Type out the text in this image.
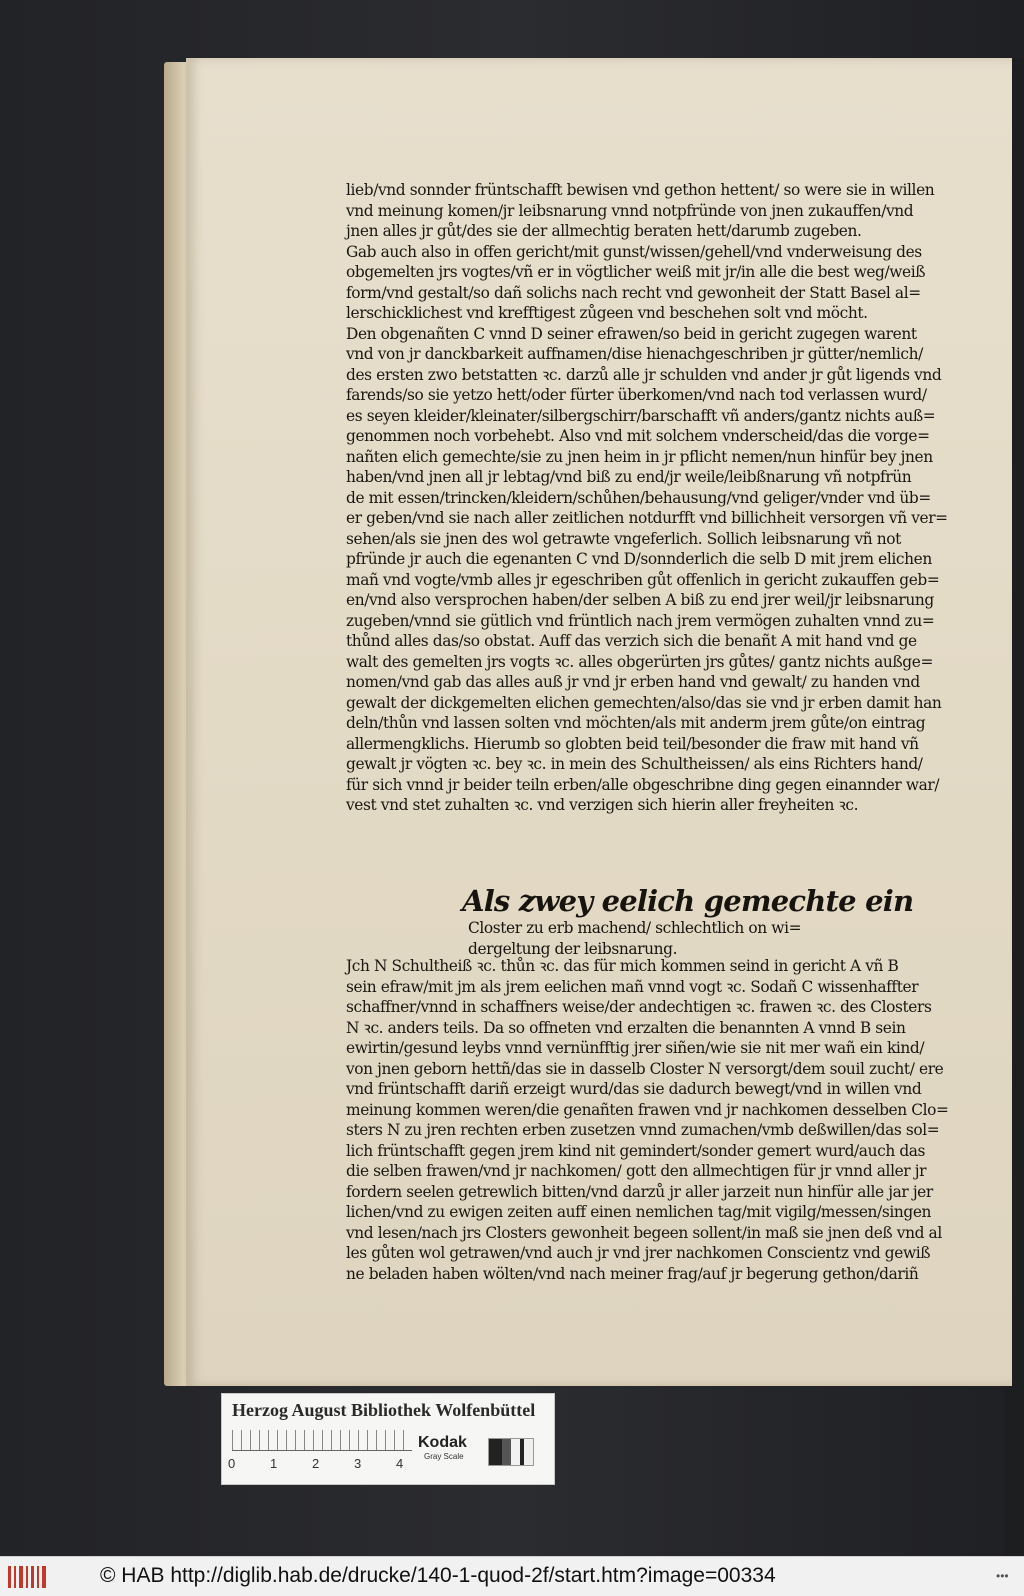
lieb/vnd sonnder früntschafft bewisen vnd gethon hettent/ so were sie in willen
vnd meinung komen/jr leibsnarung vnnd notpfründe von jnen zukauffen/vnd
jnen alles jr gůt/des sie der allmechtig beraten hett/darumb zugeben.
Gab auch also in offen gericht/mit gunst/wissen/gehell/vnd vnderweisung des
obgemelten jrs vogtes/vñ er in vögtlicher weiß mit jr/in alle die best weg/weiß
form/vnd gestalt/so dañ solichs nach recht vnd gewonheit der Statt Basel al=
lerschicklichest vnd krefftigest zůgeen vnd beschehen solt vnd möcht.
Den obgenañten C vnnd D seiner efrawen/so beid in gericht zugegen warent
vnd von jr danckbarkeit auffnamen/dise hienachgeschriben jr gütter/nemlich/
des ersten zwo betstatten ꝛc. darzů alle jr schulden vnd ander jr gůt ligends vnd
farends/so sie yetzo hett/oder fürter überkomen/vnd nach tod verlassen wurd/
es seyen kleider/kleinater/silbergschirr/barschafft vñ anders/gantz nichts auß=
genommen noch vorbehebt. Also vnd mit solchem vnderscheid/das die vorge=
nañten elich gemechte/sie zu jnen heim in jr pflicht nemen/nun hinfür bey jnen
haben/vnd jnen all jr lebtag/vnd biß zu end/jr weile/leibßnarung vñ notpfrün
de mit essen/trincken/kleidern/schůhen/behausung/vnd geliger/vnder vnd üb=
er geben/vnd sie nach aller zeitlichen notdurfft vnd billichheit versorgen vñ ver=
sehen/als sie jnen des wol getrawte vngeferlich. Sollich leibsnarung vñ not
pfründe jr auch die egenanten C vnd D/sonnderlich die selb D mit jrem elichen
mañ vnd vogte/vmb alles jr egeschriben gůt offenlich in gericht zukauffen geb=
en/vnd also versprochen haben/der selben A biß zu end jrer weil/jr leibsnarung
zugeben/vnnd sie gütlich vnd früntlich nach jrem vermögen zuhalten vnnd zu=
thůnd alles das/so obstat. Auff das verzich sich die benañt A mit hand vnd ge
walt des gemelten jrs vogts ꝛc. alles obgerürten jrs gůtes/ gantz nichts außge=
nomen/vnd gab das alles auß jr vnd jr erben hand vnd gewalt/ zu handen vnd
gewalt der dickgemelten elichen gemechten/also/das sie vnd jr erben damit han
deln/thůn vnd lassen solten vnd möchten/als mit anderm jrem gůte/on eintrag
allermengklichs. Hierumb so globten beid teil/besonder die fraw mit hand vñ
gewalt jr vögten ꝛc. bey ꝛc. in mein des Schultheissen/ als eins Richters hand/
für sich vnnd jr beider teiln erben/alle obgeschribne ding gegen einannder war/
vest vnd stet zuhalten ꝛc. vnd verzigen sich hierin aller freyheiten ꝛc.
Als zwey eelich gemechte ein
Closter zu erb machend/ schlechtlich on wi=
dergeltung der leibsnarung.
Jch N Schultheiß ꝛc. thůn ꝛc. das für mich kommen seind in gericht A vñ B
sein efraw/mit jm als jrem eelichen mañ vnnd vogt ꝛc. Sodañ C wissenhaffter
schaffner/vnnd in schaffners weise/der andechtigen ꝛc. frawen ꝛc. des Closters
N ꝛc. anders teils. Da so offneten vnd erzalten die benannten A vnnd B sein
ewirtin/gesund leybs vnnd vernünfftig jrer siñen/wie sie nit mer wañ ein kind/
von jnen geborn hettñ/das sie in dasselb Closter N versorgt/dem souil zucht/ ere
vnd früntschafft dariñ erzeigt wurd/das sie dadurch bewegt/vnd in willen vnd
meinung kommen weren/die genañten frawen vnd jr nachkomen desselben Clo=
sters N zu jren rechten erben zusetzen vnnd zumachen/vmb deßwillen/das sol=
lich früntschafft gegen jrem kind nit gemindert/sonder gemert wurd/auch das
die selben frawen/vnd jr nachkomen/ gott den allmechtigen für jr vnnd aller jr
fordern seelen getrewlich bitten/vnd darzů jr aller jarzeit nun hinfür alle jar jer
lichen/vnd zu ewigen zeiten auff einen nemlichen tag/mit vigilg/messen/singen
vnd lesen/nach jrs Closters gewonheit begeen sollent/in maß sie jnen deß vnd al
les gůten wol getrawen/vnd auch jr vnd jrer nachkomen Conscientz vnd gewiß
ne beladen haben wölten/vnd nach meiner frag/auf jr begerung gethon/dariñ
Herzog August Bibliothek Wolfenbüttel
0	1	2	3	4
Kodak
Gray Scale
© HAB http://diglib.hab.de/drucke/140-1-quod-2f/start.htm?image=00334	•••
